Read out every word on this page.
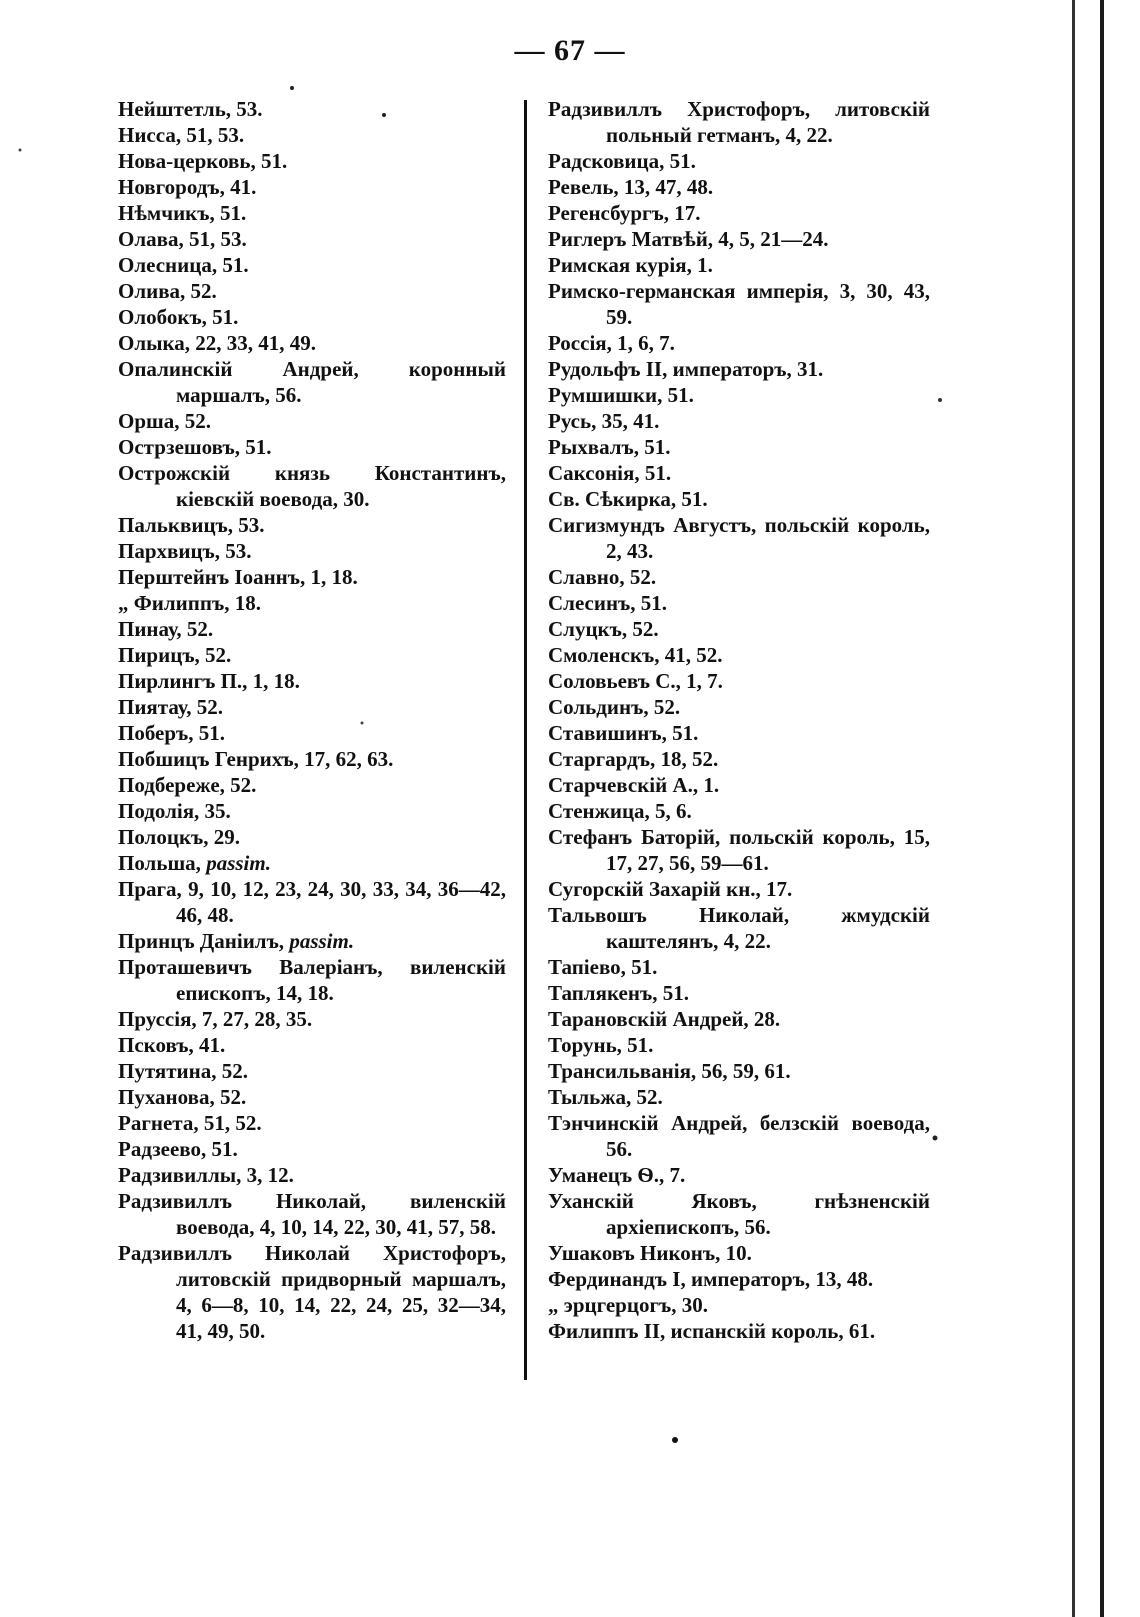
— 67 —

Нейштетль, 53.

Нисса, 51, 53.

Нова-церковь, 51.

Новгородъ, 41.

Нѣмчикъ, 51.

Олава, 51, 53.

Олесница, 51.

Олива, 52.

Олобокъ, 51.

Олыка, 22, 33, 41, 49.

Опалинскій Андрей, коронный маршалъ, 56.

Орша, 52.

Острзешовъ, 51.

Острожскій князь Константинъ, кіевскій воевода, 30.

Пальквицъ, 53.

Пархвицъ, 53.

Перштейнъ Іоаннъ, 1, 18.

„ Филиппъ, 18.

Пинау, 52.

Пирицъ, 52.

Пирлингъ П., 1, 18.

Пиятау, 52.

Поберъ, 51.

Побшицъ Генрихъ, 17, 62, 63.

Подбереже, 52.

Подолія, 35.

Полоцкъ, 29.

Польша, passim.

Прага, 9, 10, 12, 23, 24, 30, 33, 34, 36—42, 46, 48.

Принцъ Даніилъ, passim.

Проташевичъ Валеріанъ, виленскій епископъ, 14, 18.

Пруссія, 7, 27, 28, 35.

Псковъ, 41.

Путятина, 52.

Пуханова, 52.

Рагнета, 51, 52.

Радзеево, 51.

Радзивиллы, 3, 12.

Радзивиллъ Николай, виленскій воевода, 4, 10, 14, 22, 30, 41, 57, 58.

Радзивиллъ Николай Христофоръ, литовскій придворный маршалъ, 4, 6—8, 10, 14, 22, 24, 25, 32—34, 41, 49, 50.

Радзивиллъ Христофоръ, литовскій польный гетманъ, 4, 22.

Радсковица, 51.

Ревель, 13, 47, 48.

Регенсбургъ, 17.

Риглеръ Матвѣй, 4, 5, 21—24.

Римская курія, 1.

Римско-германская имперія, 3, 30, 43, 59.

Россія, 1, 6, 7.

Рудольфъ II, императоръ, 31.

Румшишки, 51.

Русь, 35, 41.

Рыхвалъ, 51.

Саксонія, 51.

Св. Сѣкирка, 51.

Сигизмундъ Августъ, польскій король, 2, 43.

Славно, 52.

Слесинъ, 51.

Слуцкъ, 52.

Смоленскъ, 41, 52.

Соловьевъ С., 1, 7.

Сольдинъ, 52.

Ставишинъ, 51.

Старгардъ, 18, 52.

Старчевскій А., 1.

Стенжица, 5, 6.

Стефанъ Баторій, польскій король, 15, 17, 27, 56, 59—61.

Сугорскій Захарій кн., 17.

Тальвошъ Николай, жмудскій каштелянъ, 4, 22.

Тапіево, 51.

Таплякенъ, 51.

Тарановскій Андрей, 28.

Торунь, 51.

Трансильванія, 56, 59, 61.

Тыльжа, 52.

Тэнчинскій Андрей, белзскій воевода, 56.

Уманецъ Ѳ., 7.

Уханскій Яковъ, гнѣзненскій архіепископъ, 56.

Ушаковъ Никонъ, 10.

Фердинандъ I, императоръ, 13, 48.

„ эрцгерцогъ, 30.

Филиппъ II, испанскій король, 61.
